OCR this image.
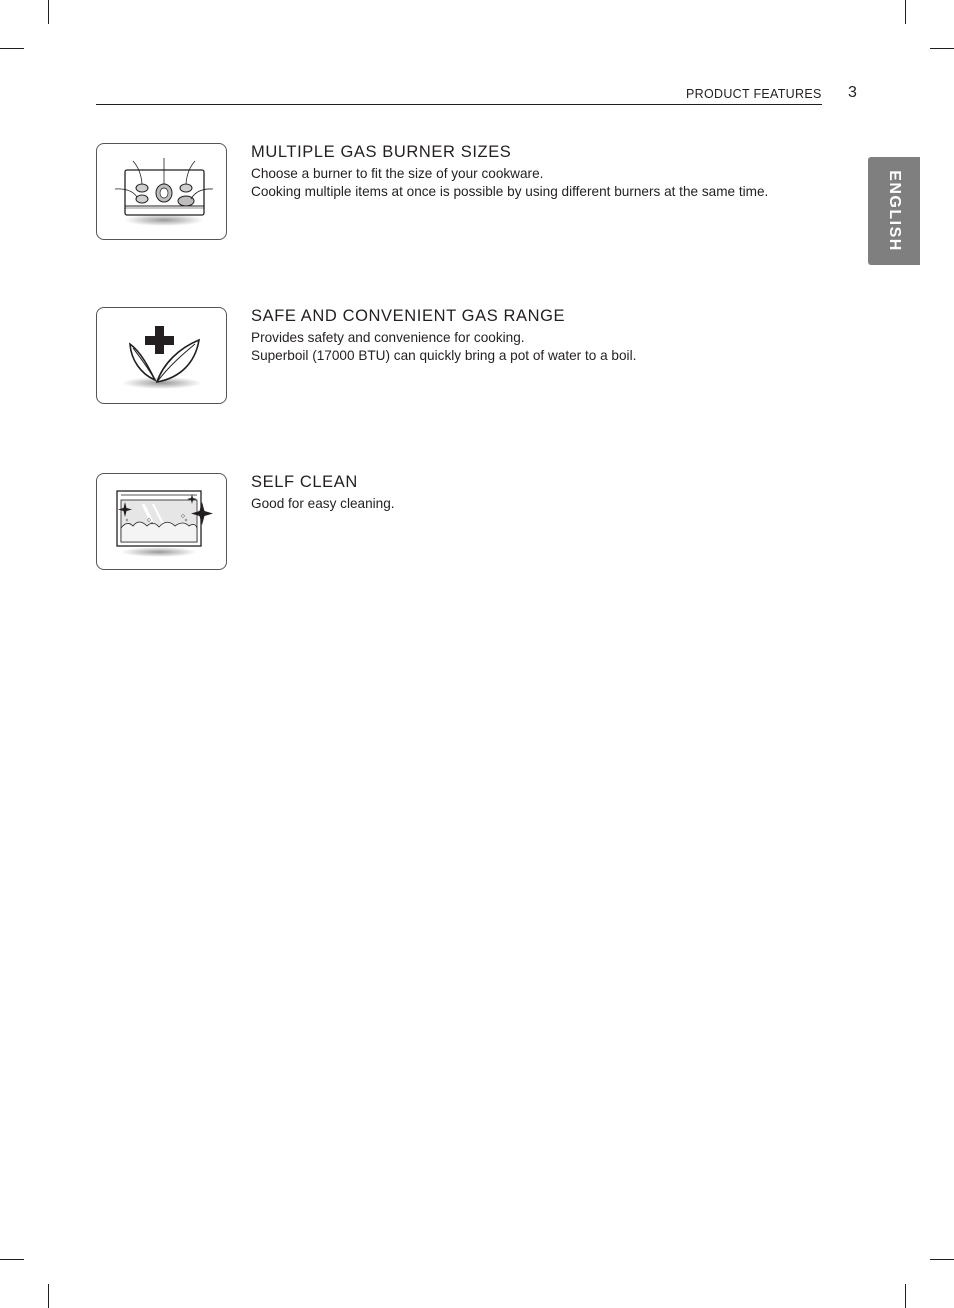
PRODUCT FEATURES 3
ENGLISH
MULTIPLE GAS BURNER SIZES
Choose a burner to fit the size of your cookware.
Cooking multiple items at once is possible by using different burners at the same time.
SAFE AND CONVENIENT GAS RANGE
Provides safety and convenience for cooking.
Superboil (17000 BTU) can quickly bring a pot of water to a boil.
SELF CLEAN
Good for easy cleaning.
